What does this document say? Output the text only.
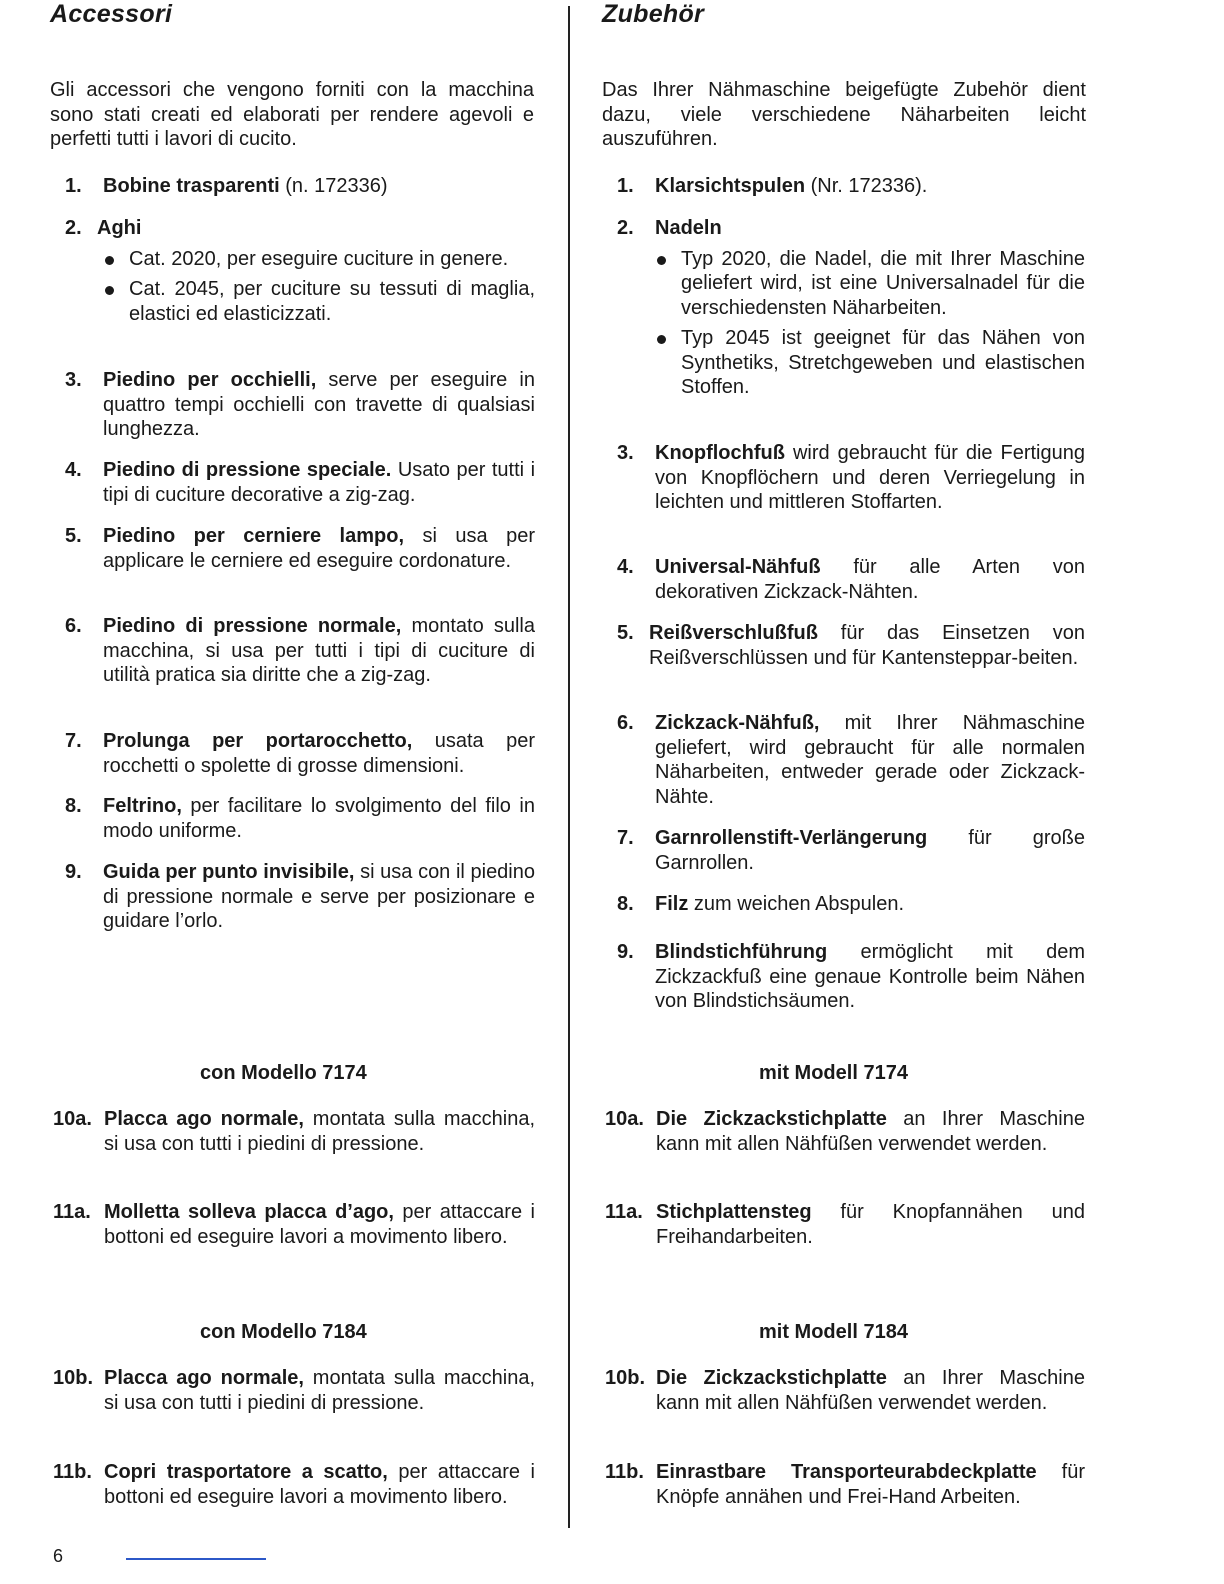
Accessori
Gli accessori che vengono forniti con la macchina sono stati creati ed elaborati per rendere agevoli e perfetti tutti i lavori di cucito.
1.	Bobine trasparenti (n. 172336)
2. Aghi
Cat. 2020, per eseguire cuciture in genere.
Cat. 2045, per cuciture su tessuti di maglia, elastici ed elasticizzati.
3.	Piedino per occhielli, serve per eseguire in quattro tempi occhielli con travette di qualsiasi lunghezza.
4.	Piedino di pressione speciale. Usato per tutti i tipi di cuciture decorative a zig-zag.
5.	Piedino per cerniere lampo, si usa per applicare le cerniere ed eseguire cordonature.
6.	Piedino di pressione normale, montato sulla macchina, si usa per tutti i tipi di cuciture di utilità pratica sia diritte che a zig-zag.
7.	Prolunga per portarocchetto, usata per rocchetti o spolette di grosse dimensioni.
8.	Feltrino, per facilitare lo svolgimento del filo in modo uniforme.
9.	Guida per punto invisibile, si usa con il piedino di pressione normale e serve per posizionare e guidare l’orlo.
con Modello 7174
10a. Placca ago normale, montata sulla macchina, si usa con tutti i piedini di pressione.
11a. Molletta solleva placca d’ago, per attaccare i bottoni ed eseguire lavori a movimento libero.
con Modello 7184
10b. Placca ago normale, montata sulla macchina, si usa con tutti i piedini di pressione.
11b. Copri trasportatore a scatto, per attaccare i bottoni ed eseguire lavori a movimento libero.
Zubehör
Das Ihrer Nähmaschine beigefügte Zubehör dient dazu, viele verschiedene Näharbeiten leicht auszuführen.
1.	Klarsichtspulen (Nr. 172336).
2.	Nadeln
Typ 2020, die Nadel, die mit Ihrer Maschine geliefert wird, ist eine Universalnadel für die verschiedensten Näharbeiten.
Typ 2045 ist geeignet für das Nähen von Synthetiks, Stretchgeweben und elastischen Stoffen.
3.	Knopflochfuß wird gebraucht für die Fertigung von Knopflöchern und deren Verriegelung in leichten und mittleren Stoffarten.
4.	Universal-Nähfuß für alle Arten von dekorativen Zickzack-Nähten.
5. Reißverschlußfuß für das Einsetzen von Reißverschlüssen und für Kantensteppar-beiten.
6.	Zickzack-Nähfuß, mit Ihrer Nähmaschine geliefert, wird gebraucht für alle normalen Näharbeiten, entweder gerade oder Zickzack-Nähte.
7.	Garnrollenstift-Verlängerung für große Garnrollen.
8.	Filz zum weichen Abspulen.
9.	Blindstichführung ermöglicht mit dem Zickzackfuß eine genaue Kontrolle beim Nähen von Blindstichsäumen.
mit Modell 7174
10a. Die Zickzackstichplatte an Ihrer Maschine kann mit allen Nähfüßen verwendet werden.
11a. Stichplattensteg für Knopfannähen und Freihandarbeiten.
mit Modell 7184
10b. Die Zickzackstichplatte an Ihrer Maschine kann mit allen Nähfüßen verwendet werden.
11b. Einrastbare Transporteurabdeckplatte für Knöpfe annähen und Frei-Hand Arbeiten.
6
